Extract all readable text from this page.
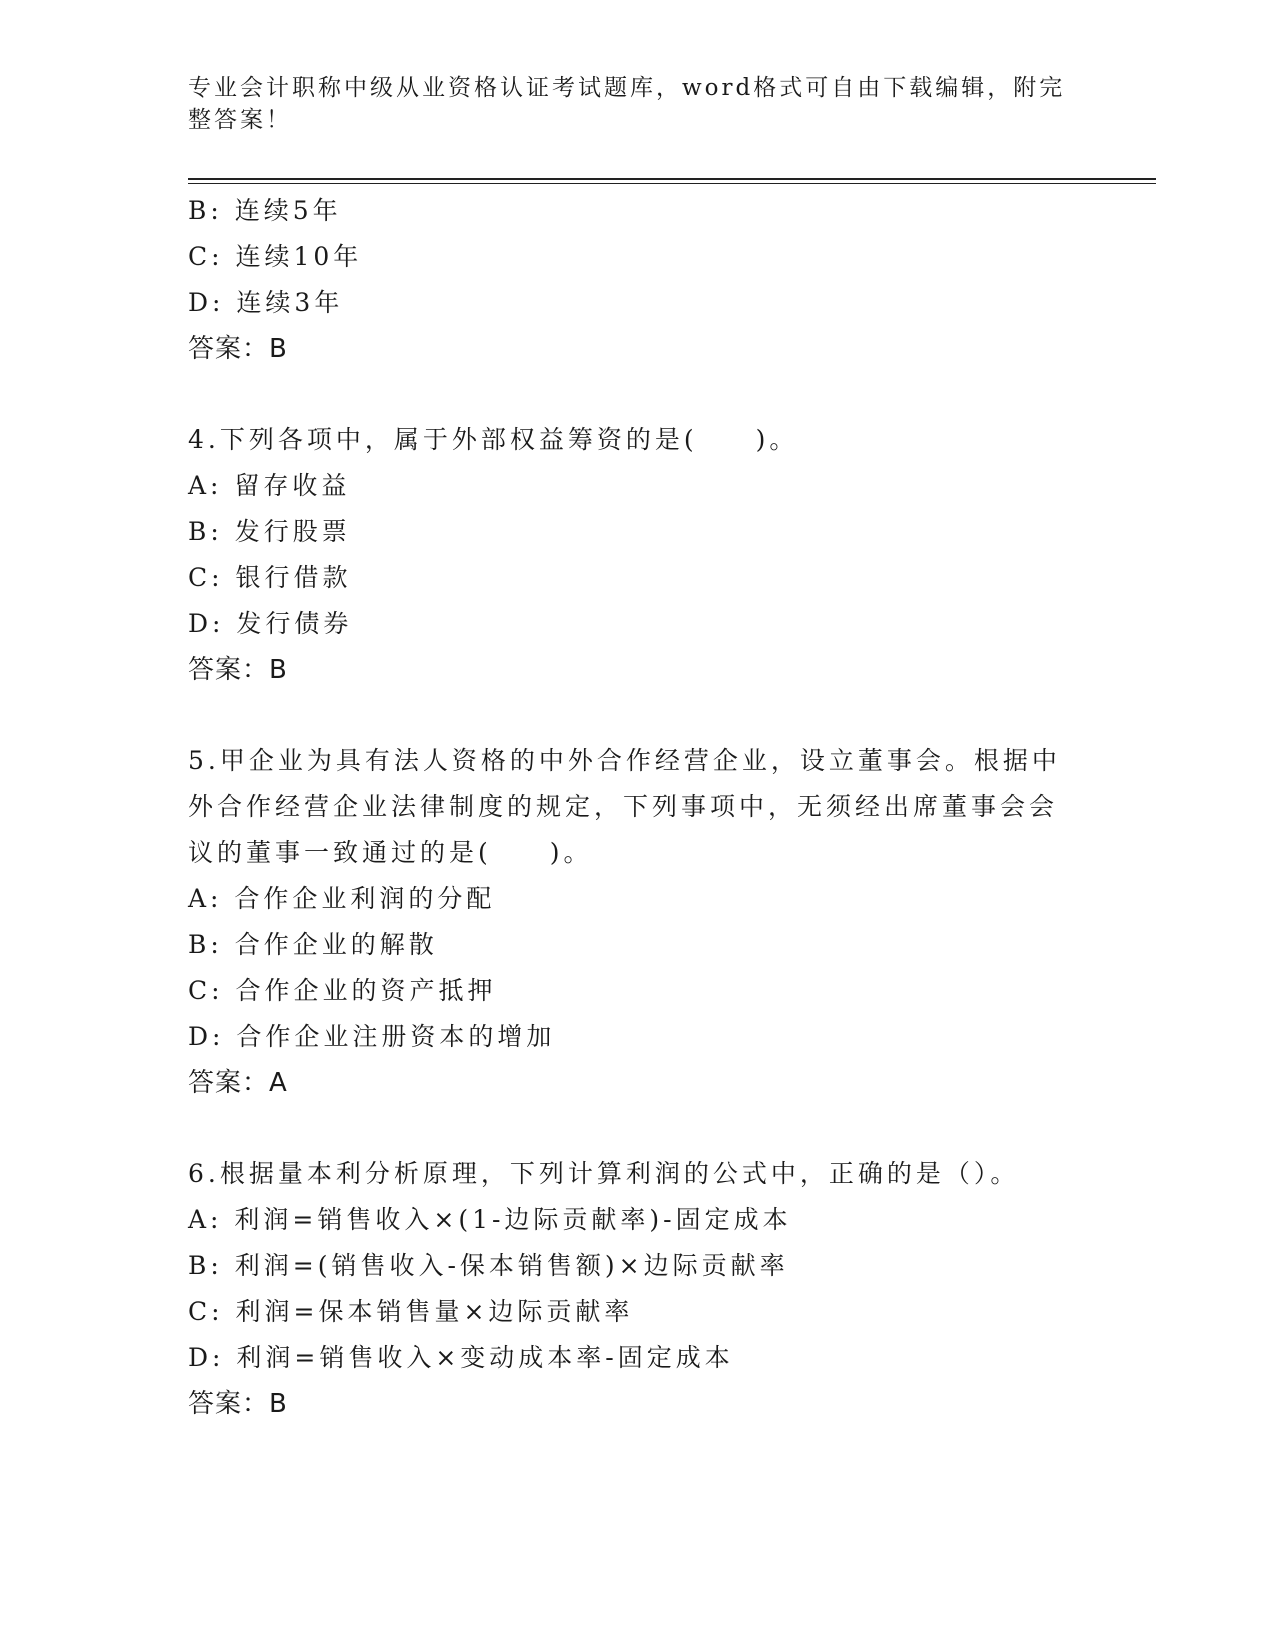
专业会计职称中级从业资格认证考试题库，word格式可自由下载编辑，附完整答案！
B: 连续5年
C: 连续10年
D: 连续3年
答案：B
4.下列各项中，属于外部权益筹资的是(　　)。
A: 留存收益
B: 发行股票
C: 银行借款
D: 发行债券
答案：B
5.甲企业为具有法人资格的中外合作经营企业，设立董事会。根据中外合作经营企业法律制度的规定，下列事项中，无须经出席董事会会议的董事一致通过的是(　　)。
A: 合作企业利润的分配
B: 合作企业的解散
C: 合作企业的资产抵押
D: 合作企业注册资本的增加
答案：A
6.根据量本利分析原理，下列计算利润的公式中，正确的是（）。
A: 利润=销售收入×(1-边际贡献率)-固定成本
B: 利润=(销售收入-保本销售额)×边际贡献率
C: 利润=保本销售量×边际贡献率
D: 利润=销售收入×变动成本率-固定成本
答案：B
